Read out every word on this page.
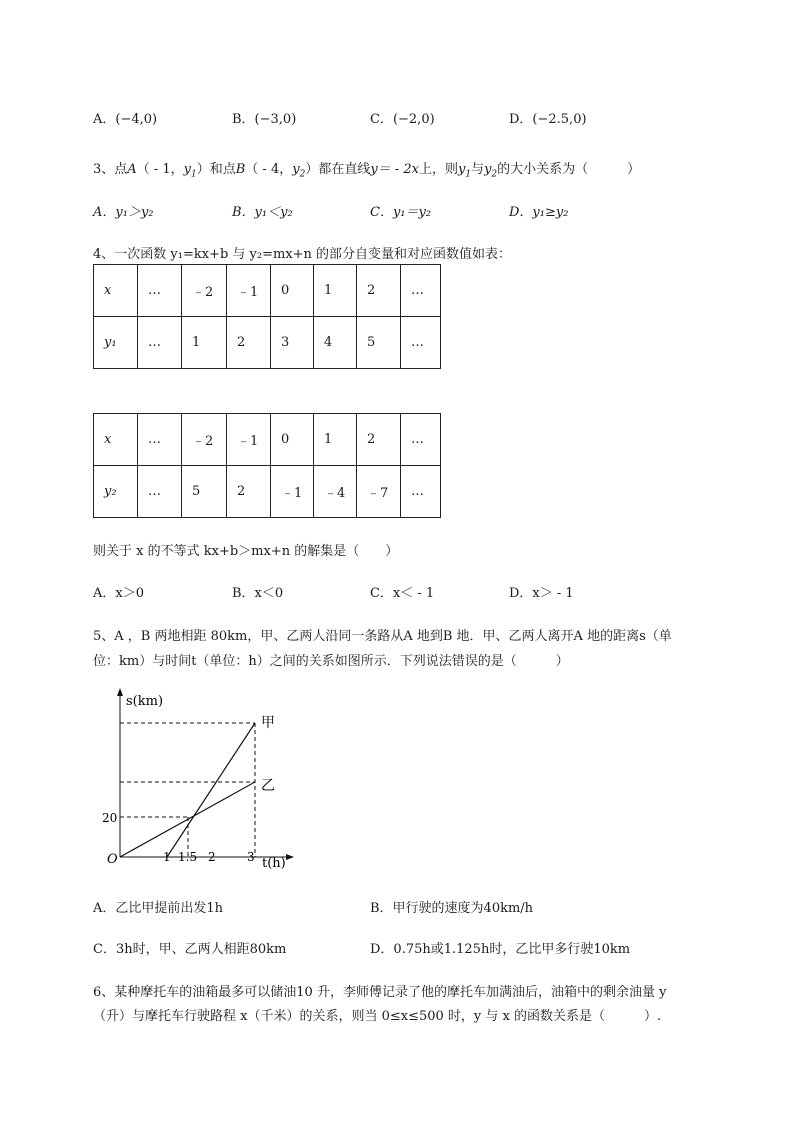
A．(−4,0)	B．(−3,0)	C．(−2,0)	D．(−2.5,0)
3、点A（ - 1，$y_1$）和点B（ - 4，$y_2$）都在直线y＝ - 2x上，则$y_1$与$y_2$的大小关系为（　　　）
A．y₁＞y₂	B．y₁＜y₂	C．y₁＝y₂	D．y₁≥y₂
4、一次函数 y₁=kx+b 与 y₂=mx+n 的部分自变量和对应函数值如表：
x	…	﹣2	﹣1	0	1	2	…
y₁	…	1	2	3	4	5	…
x	…	﹣2	﹣1	0	1	2	…
y₂	…	5	2	﹣1	﹣4	﹣7	…
则关于 x 的不等式 kx+b＞mx+n 的解集是（　　）
A．x＞0	B．x＜0	C．x＜ - 1	D．x＞ - 1
5、A ，B 两地相距 80km，甲、乙两人沿同一条路从A 地到B 地．甲、乙两人离开A 地的距离s（单
位：km）与时间t（单位：h）之间的关系如图所示．下列说法错误的是（　　　）
s(km)
t(h)
O
20
1 1.5 2	3
甲
乙
A．乙比甲提前出发1h	B．甲行驶的速度为40km/h
C．3h时，甲、乙两人相距80km	D．0.75h或1.125h时，乙比甲多行驶10km
6、某种摩托车的油箱最多可以储油10 升，李师傅记录了他的摩托车加满油后，油箱中的剩余油量 y
（升）与摩托车行驶路程 x（千米）的关系，则当 0≤x≤500 时，y 与 x 的函数关系是（　　　）.
